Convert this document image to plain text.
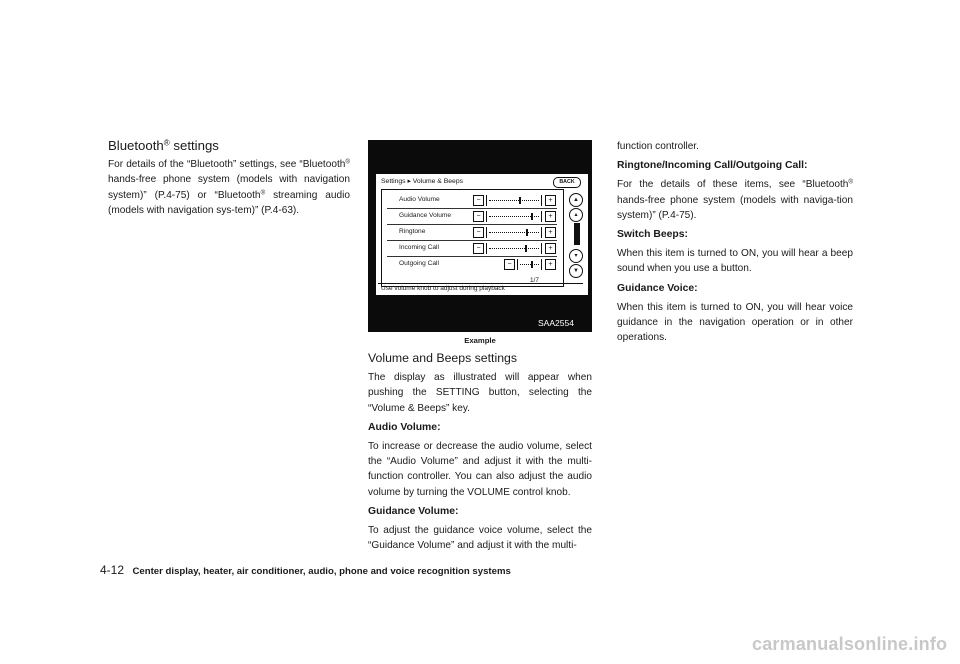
Bluetooth® settings

For details of the “Bluetooth” settings, see “Bluetooth® hands-free phone system (models with navigation system)” (P.4-75) or “Bluetooth® streaming audio (models with navigation sys-tem)” (P.4-63).

Settings ▸ Volume & Beeps	BACK
Audio Volume	−	+
Guidance Volume	−	+
Ringtone	−	+
Incoming Call	−	+
Outgoing Call	−	+
▲
▴
▾
▼
1/7
Use volume knob to adjust during playback
SAA2554
Example
Volume and Beeps settings

The display as illustrated will appear when pushing the SETTING button, selecting the “Volume & Beeps” key.

Audio Volume:

To increase or decrease the audio volume, select the “Audio Volume” and adjust it with the multi-function controller. You can also adjust the audio volume by turning the VOLUME control knob.

Guidance Volume:

To adjust the guidance voice volume, select the “Guidance Volume” and adjust it with the multi-

function controller.

Ringtone/Incoming Call/Outgoing Call:

For the details of these items, see “Bluetooth® hands-free phone system (models with naviga-tion system)” (P.4-75).

Switch Beeps:

When this item is turned to ON, you will hear a beep sound when you use a button.

Guidance Voice:

When this item is turned to ON, you will hear voice guidance in the navigation operation or in other operations.

4-12 Center display, heater, air conditioner, audio, phone and voice recognition systems
carmanualsonline.info
